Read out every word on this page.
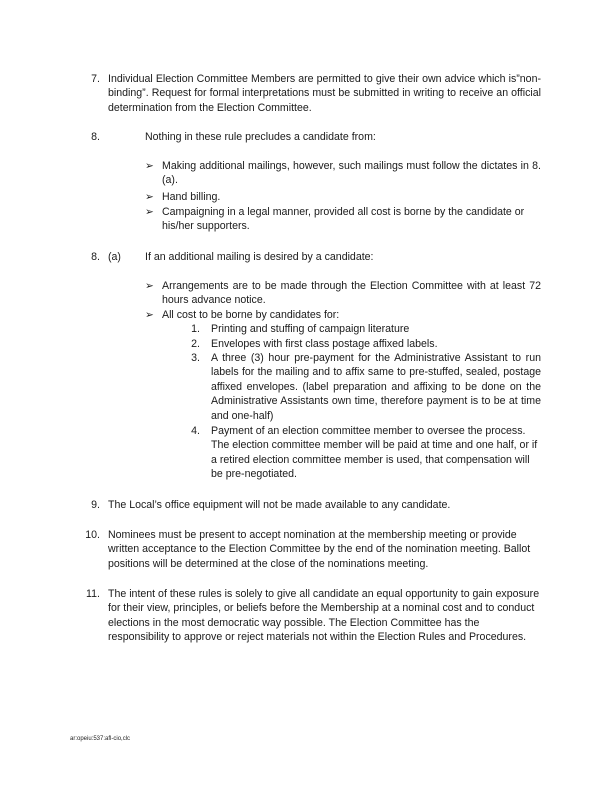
7. Individual Election Committee Members are permitted to give their own advice which is”non-binding”. Request for formal interpretations must be submitted in writing to receive an official determination from the Election Committee.
8.	Nothing in these rule precludes a candidate from:
➢ Making additional mailings, however, such mailings must follow the dictates in 8. (a).
➢ Hand billing.
➢ Campaigning in a legal manner, provided all cost is borne by the candidate or his/her supporters.
8. (a) If an additional mailing is desired by a candidate:
➢ Arrangements are to be made through the Election Committee with at least 72 hours advance notice.
➢ All cost to be borne by candidates for:
1. Printing and stuffing of campaign literature
2. Envelopes with first class postage affixed labels.
3. A three (3) hour pre-payment for the Administrative Assistant to run labels for the mailing and to affix same to pre-stuffed, sealed, postage affixed envelopes. (label preparation and affixing to be done on the Administrative Assistants own time, therefore payment is to be at time and one-half)
4. Payment of an election committee member to oversee the process. The election committee member will be paid at time and one half, or if a retired election committee member is used, that compensation will be pre-negotiated.
9. The Local’s office equipment will not be made available to any candidate.
10. Nominees must be present to accept nomination at the membership meeting or provide written acceptance to the Election Committee by the end of the nomination meeting. Ballot positions will be determined at the close of the nominations meeting.
11. The intent of these rules is solely to give all candidate an equal opportunity to gain exposure for their view, principles, or beliefs before the Membership at a nominal cost and to conduct elections in the most democratic way possible. The Election Committee has the responsibility to approve or reject materials not within the Election Rules and Procedures.
ar:opeiu:537:afl-cio,clc
